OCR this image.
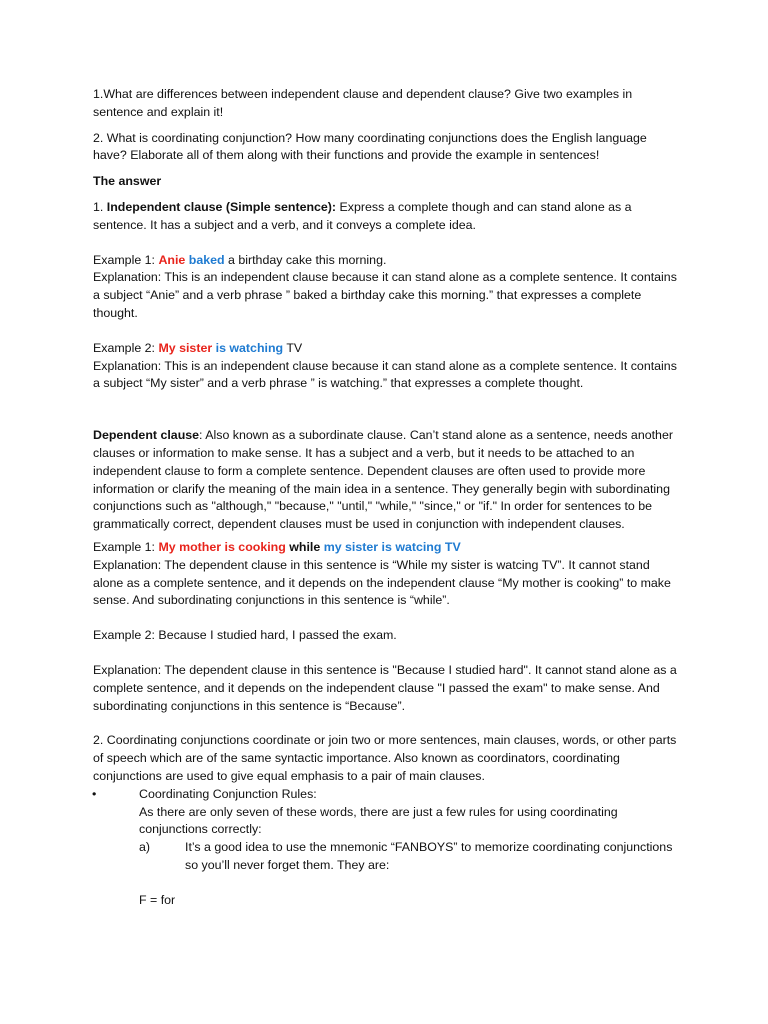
1.What are differences between independent clause and dependent clause? Give two examples in sentence and explain it!

2. What is coordinating conjunction? How many coordinating conjunctions does the English language have? Elaborate all of them along with their functions and provide the example in sentences!

The answer

1. Independent clause (Simple sentence): Express a complete though and can stand alone as a sentence. It has a subject and a verb, and it conveys a complete idea.

Example 1: Anie baked a birthday cake this morning.

Explanation: This is an independent clause because it can stand alone as a complete sentence. It contains a subject “Anie” and a verb phrase ” baked a birthday cake this morning.” that expresses a complete thought.

Example 2: My sister is watching TV

Explanation: This is an independent clause because it can stand alone as a complete sentence. It contains a subject “My sister” and a verb phrase ” is watching.” that expresses a complete thought.

Dependent clause: Also known as a subordinate clause. Can’t stand alone as a sentence, needs another clauses or information to make sense. It has a subject and a verb, but it needs to be attached to an independent clause to form a complete sentence. Dependent clauses are often used to provide more information or clarify the meaning of the main idea in a sentence. They generally begin with subordinating conjunctions such as "although," "because," "until," "while," "since," or "if." In order for sentences to be grammatically correct, dependent clauses must be used in conjunction with independent clauses.

Example 1: My mother is cooking while my sister is watcing TV

Explanation: The dependent clause in this sentence is “While my sister is watcing TV”. It cannot stand alone as a complete sentence, and it depends on the independent clause “My mother is cooking” to make sense. And subordinating conjunctions in this sentence is “while”.

Example 2: Because I studied hard, I passed the exam.

Explanation: The dependent clause in this sentence is "Because I studied hard". It cannot stand alone as a complete sentence, and it depends on the independent clause "I passed the exam" to make sense. And subordinating conjunctions in this sentence is “Because”.

2. Coordinating conjunctions coordinate or join two or more sentences, main clauses, words, or other parts of speech which are of the same syntactic importance. Also known as coordinators, coordinating conjunctions are used to give equal emphasis to a pair of main clauses.

•	Coordinating Conjunction Rules:

As there are only seven of these words, there are just a few rules for using coordinating conjunctions correctly:

a)	It’s a good idea to use the mnemonic “FANBOYS” to memorize coordinating conjunctions so you’ll never forget them. They are:

F = for
